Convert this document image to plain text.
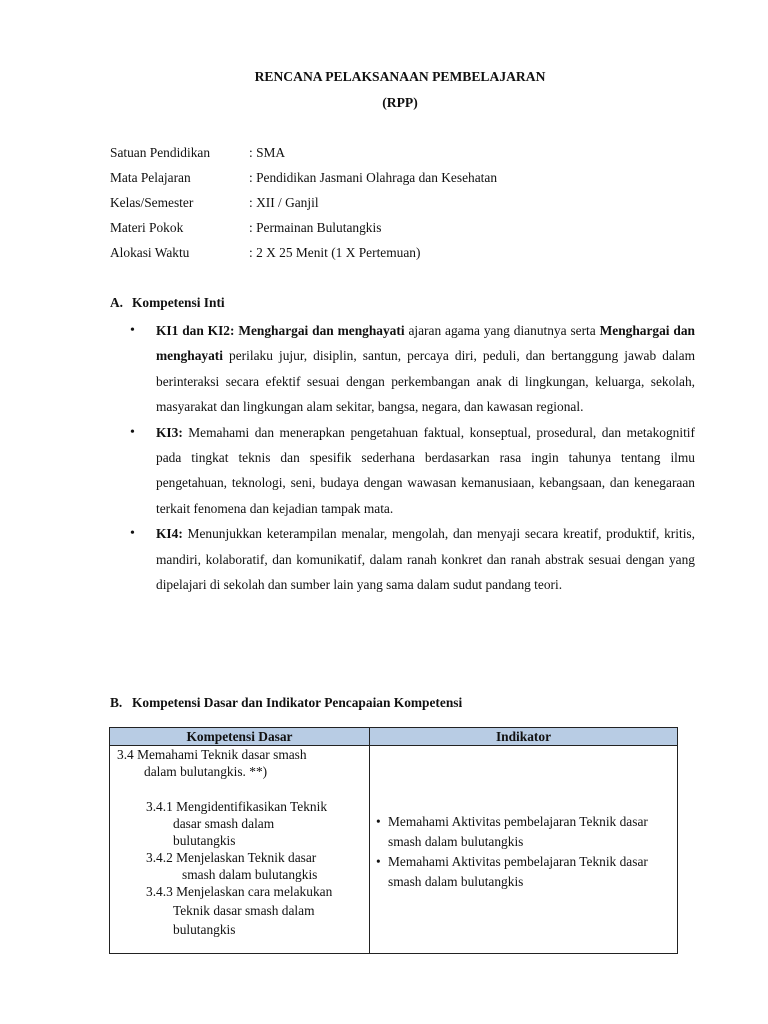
RENCANA PELAKSANAAN PEMBELAJARAN
(RPP)
Satuan Pendidikan	: SMA
Mata Pelajaran	: Pendidikan Jasmani Olahraga dan Kesehatan
Kelas/Semester	: XII / Ganjil
Materi Pokok	: Permainan Bulutangkis
Alokasi Waktu	: 2 X 25 Menit (1 X Pertemuan)
A. Kompetensi Inti

• KI1 dan KI2: Menghargai dan menghayati ajaran agama yang dianutnya serta Menghargai dan menghayati perilaku jujur, disiplin, santun, percaya diri, peduli, dan bertanggung jawab dalam berinteraksi secara efektif sesuai dengan perkembangan anak di lingkungan, keluarga, sekolah, masyarakat dan lingkungan alam sekitar, bangsa, negara, dan kawasan regional.

• KI3: Memahami dan menerapkan pengetahuan faktual, konseptual, prosedural, dan metakognitif pada tingkat teknis dan spesifik sederhana berdasarkan rasa ingin tahunya tentang ilmu pengetahuan, teknologi, seni, budaya dengan wawasan kemanusiaan, kebangsaan, dan kenegaraan terkait fenomena dan kejadian tampak mata.

• KI4: Menunjukkan keterampilan menalar, mengolah, dan menyaji secara kreatif, produktif, kritis, mandiri, kolaboratif, dan komunikatif, dalam ranah konkret dan ranah abstrak sesuai dengan yang dipelajari di sekolah dan sumber lain yang sama dalam sudut pandang teori.

B. Kompetensi Dasar dan Indikator Pencapaian Kompetensi
Kompetensi Dasar	Indikator
3.4 Memahami Teknik dasar smash
dalam bulutangkis. **)
3.4.1 Mengidentifikasikan Teknik
dasar smash dalam
bulutangkis
3.4.2 Menjelaskan Teknik dasar
smash dalam bulutangkis
3.4.3 Menjelaskan cara melakukan
Teknik dasar smash dalam
bulutangkis
• Memahami Aktivitas pembelajaran Teknik dasar smash dalam bulutangkis
• Memahami Aktivitas pembelajaran Teknik dasar smash dalam bulutangkis
